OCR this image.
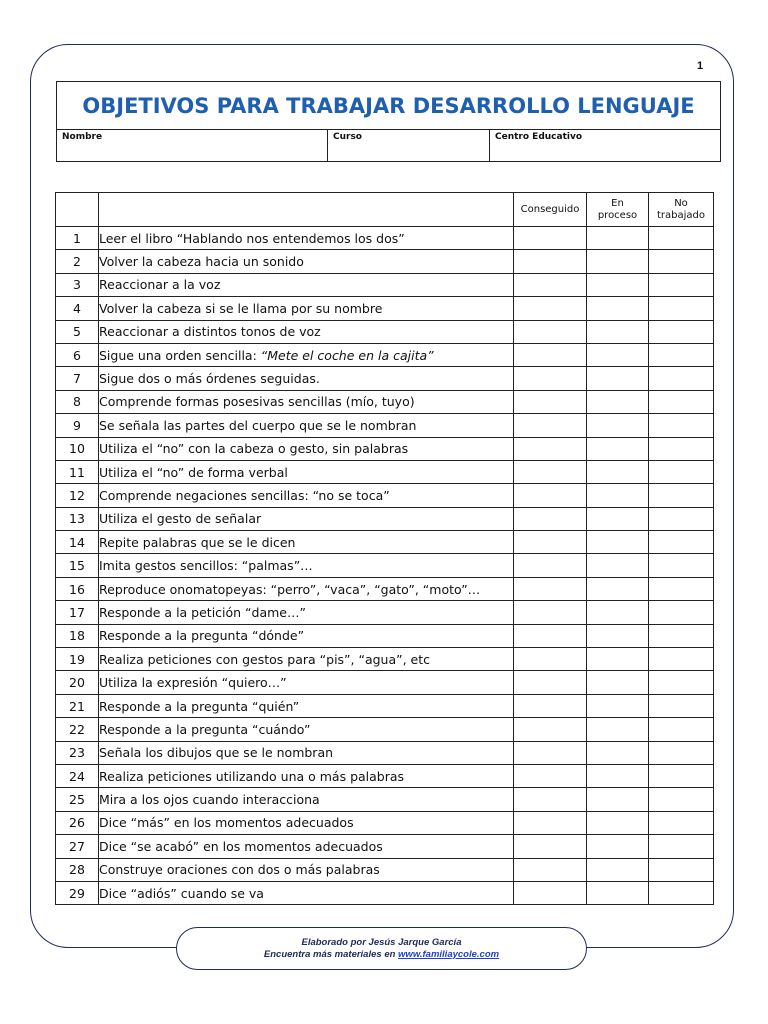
1
OBJETIVOS PARA TRABAJAR DESARROLLO LENGUAJE
Nombre	Curso	Centro Educativo
		Conseguido	En proceso	No trabajado
1	Leer el libro “Hablando nos entendemos los dos”			
2	Volver la cabeza hacia un sonido			
3	Reaccionar a la voz			
4	Volver la cabeza si se le llama por su nombre			
5	Reaccionar a distintos tonos de voz			
6	Sigue una orden sencilla: “Mete el coche en la cajita”			
7	Sigue dos o más órdenes seguidas.			
8	Comprende formas posesivas sencillas (mío, tuyo)			
9	Se señala las partes del cuerpo que se le nombran			
10	Utiliza el “no” con la cabeza o gesto, sin palabras			
11	Utiliza el “no” de forma verbal			
12	Comprende negaciones sencillas: “no se toca”			
13	Utiliza el gesto de señalar			
14	Repite palabras que se le dicen			
15	Imita gestos sencillos: “palmas”…			
16	Reproduce onomatopeyas: “perro”, “vaca”, “gato”, “moto”…			
17	Responde a la petición “dame…”			
18	Responde a la pregunta “dónde”			
19	Realiza peticiones con gestos para “pis”, “agua”, etc			
20	Utiliza la expresión “quiero…”			
21	Responde a la pregunta “quién”			
22	Responde a la pregunta “cuándo”			
23	Señala los dibujos que se le nombran			
24	Realiza peticiones utilizando una o más palabras			
25	Mira a los ojos cuando interacciona			
26	Dice “más” en los momentos adecuados			
27	Dice “se acabó” en los momentos adecuados			
28	Construye oraciones con dos o más palabras			
29	Dice “adiós” cuando se va			
Elaborado por Jesús Jarque García
Encuentra más materiales en www.familiaycole.com
